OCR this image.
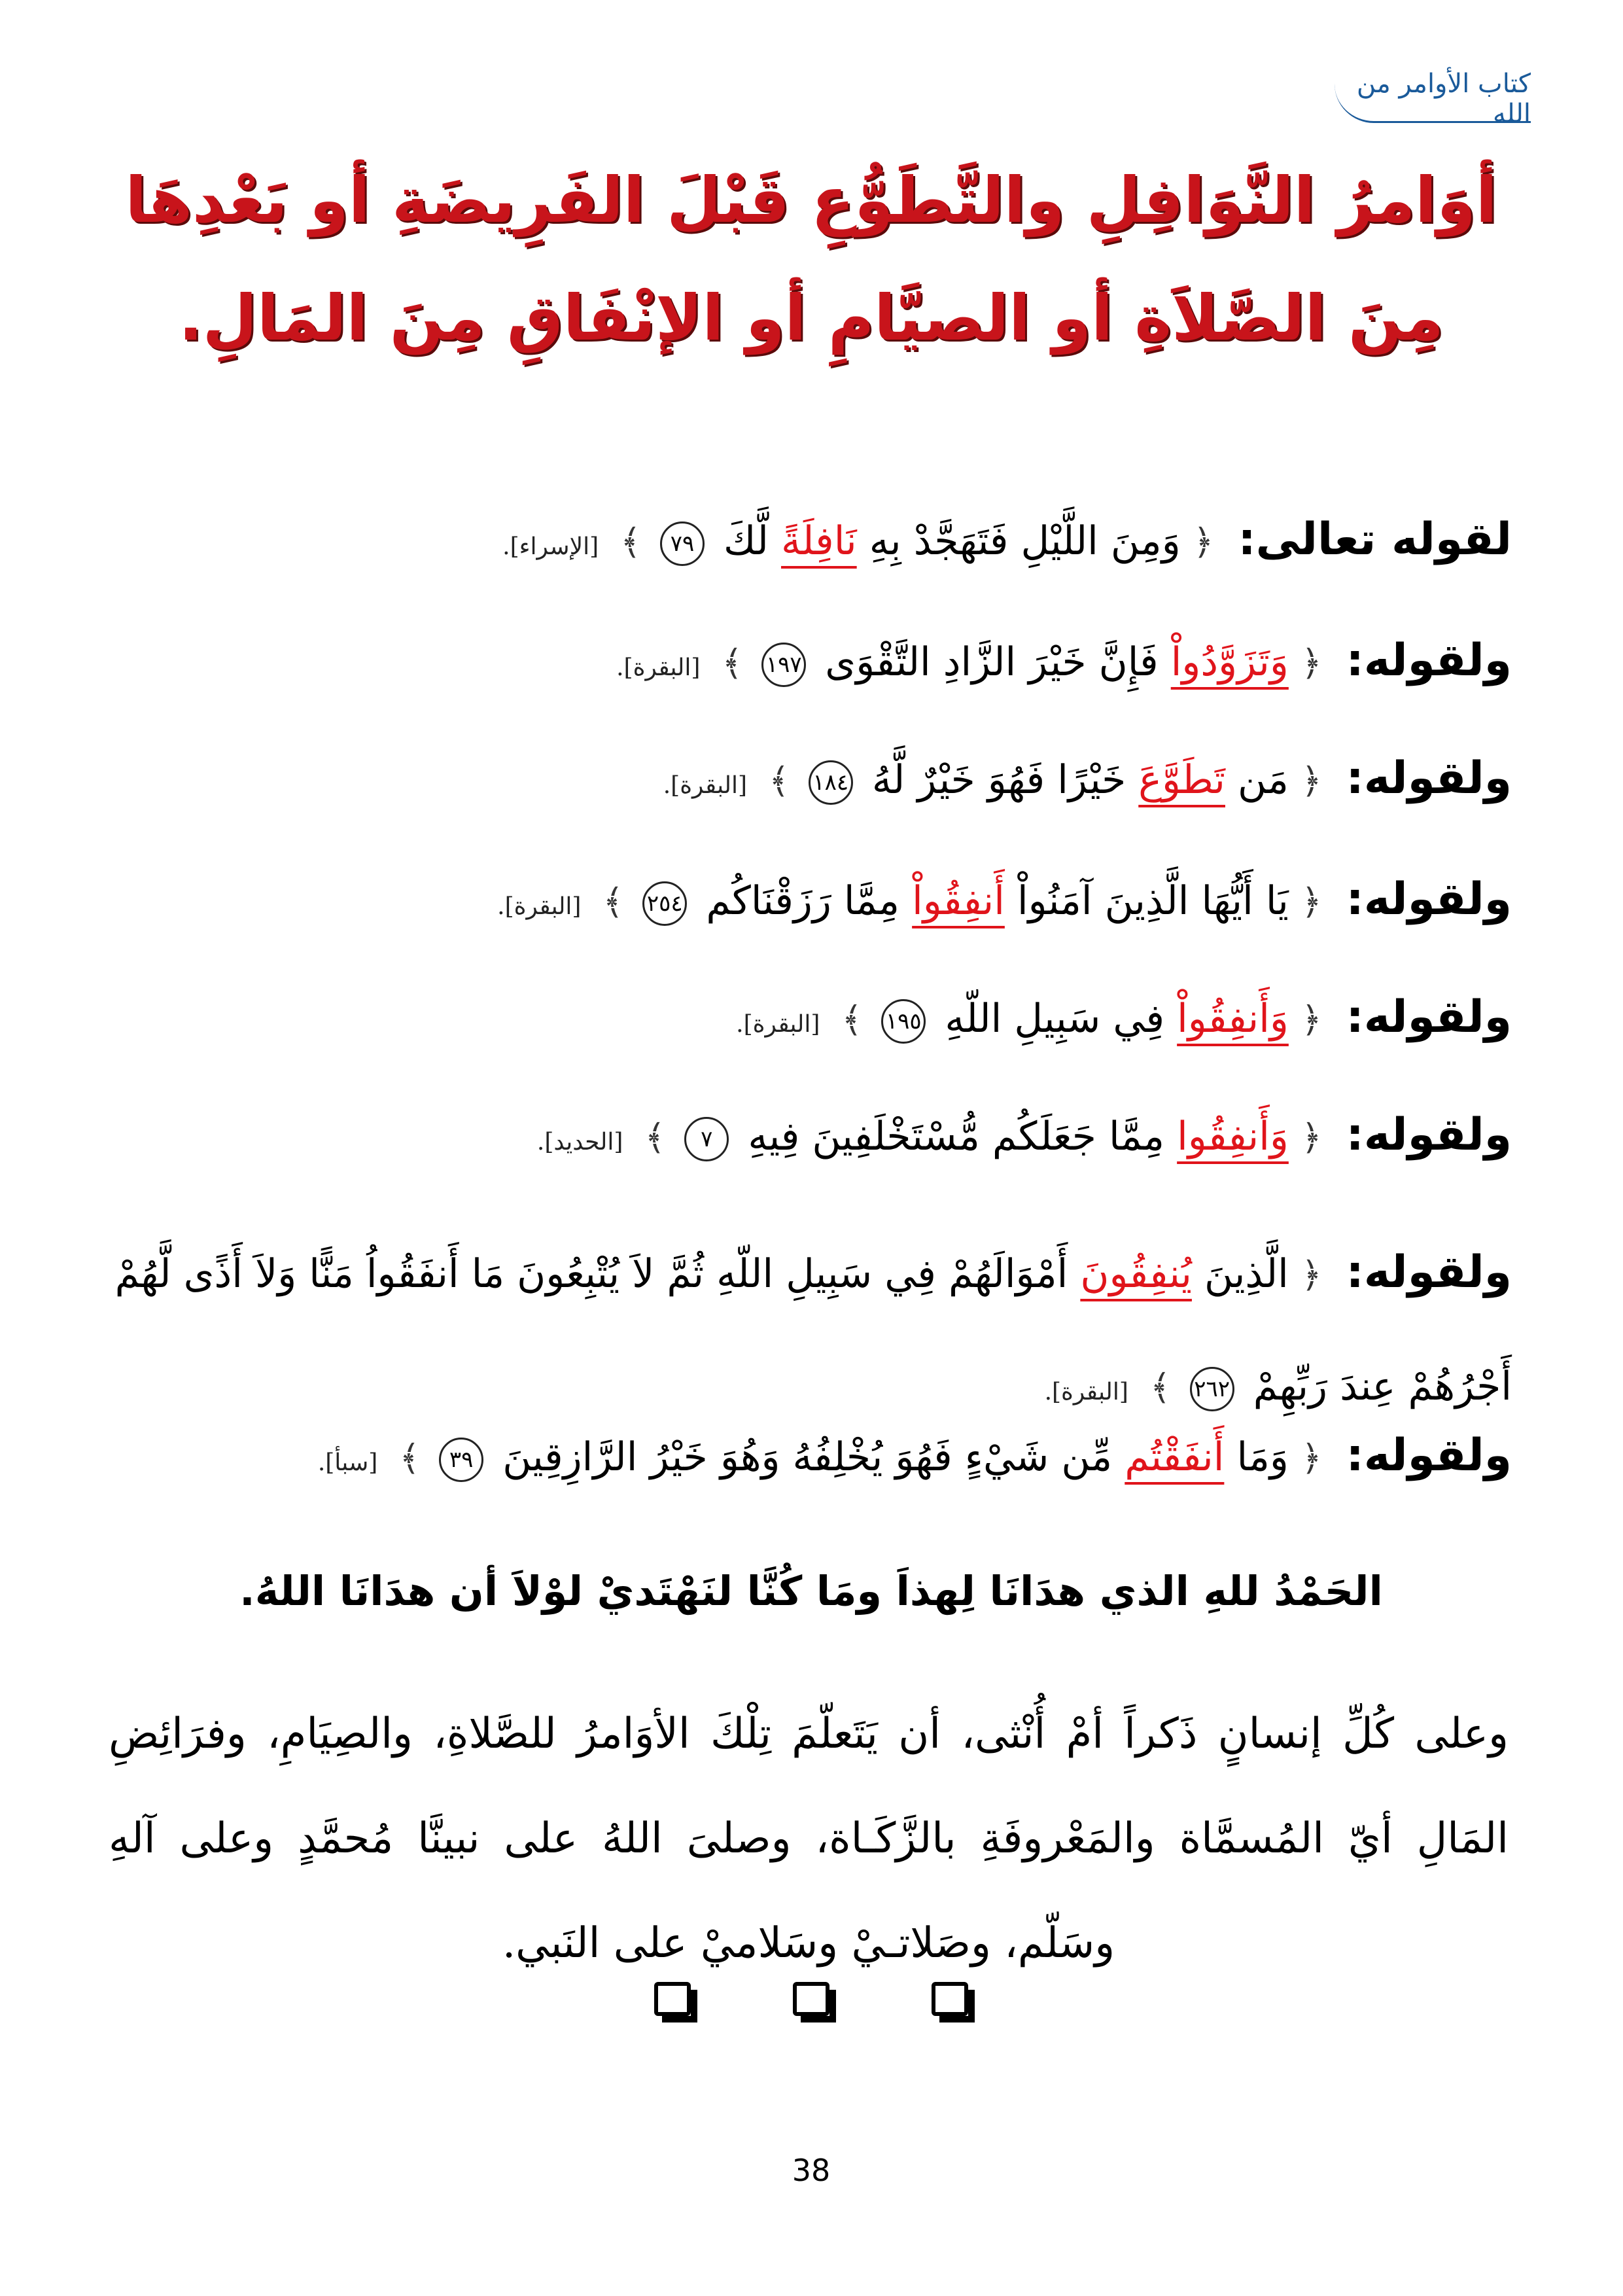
كتاب الأوامر من الله
أوَامرُ النَّوَافِلِ والتَّطَوُّعِ قَبْلَ الفَرِيضَةِ أو بَعْدِهَا
مِنَ الصَّلاَةِ أو الصيَّامِ أو الإنْفَاقِ مِنَ المَالِ.
لقوله تعالى: ﴿ وَمِنَ اللَّيْلِ فَتَهَجَّدْ بِهِ نَافِلَةً لَّكَ ٧٩ ﴾ [الإسراء].
ولقوله: ﴿ وَتَزَوَّدُواْ فَإِنَّ خَيْرَ الزَّادِ التَّقْوَى ١٩٧ ﴾ [البقرة].
ولقوله: ﴿ مَن تَطَوَّعَ خَيْرًا فَهُوَ خَيْرٌ لَّهُ ١٨٤ ﴾ [البقرة].
ولقوله: ﴿ يَا أَيُّهَا الَّذِينَ آمَنُواْ أَنفِقُواْ مِمَّا رَزَقْنَاكُم ٢٥٤ ﴾ [البقرة].
ولقوله: ﴿ وَأَنفِقُواْ فِي سَبِيلِ اللّهِ ١٩٥ ﴾ [البقرة].
ولقوله: ﴿ وَأَنفِقُوا مِمَّا جَعَلَكُم مُّسْتَخْلَفِينَ فِيهِ ٧ ﴾ [الحديد].
ولقوله: ﴿ الَّذِينَ يُنفِقُونَ أَمْوَالَهُمْ فِي سَبِيلِ اللّهِ ثُمَّ لاَ يُتْبِعُونَ مَا أَنفَقُواُ مَنًّا وَلاَ أَذًى لَّهُمْ أَجْرُهُمْ عِندَ رَبِّهِمْ ٢٦٢ ﴾ [البقرة].
ولقوله: ﴿ وَمَا أَنفَقْتُم مِّن شَيْءٍ فَهُوَ يُخْلِفُهُ وَهُوَ خَيْرُ الرَّازِقِينَ ٣٩ ﴾ [سبأ].
الحَمْدُ للهِ الذي هدَانَا لِهذاَ ومَا كُنَّا لنَهْتَديْ لوْلاَ أن هدَانَا اللهُ.
وعلى كُلِّ إنسانٍ ذَكراً أمْ أُنْثى، أن يَتَعلّمَ تِلْكَ الأوَامرُ للصَّلاةِ، والصِيَامِ، وفرَائِضِ المَالِ أيّ المُسمَّاة والمَعْروفَةِ بالزَّكَـاة، وصلىَ اللهُ على نبينَّا مُحمَّدٍ وعلى آلهِ وسَلّم، وصَلاتـيْ وسَلاميْ على النَبي.
38
